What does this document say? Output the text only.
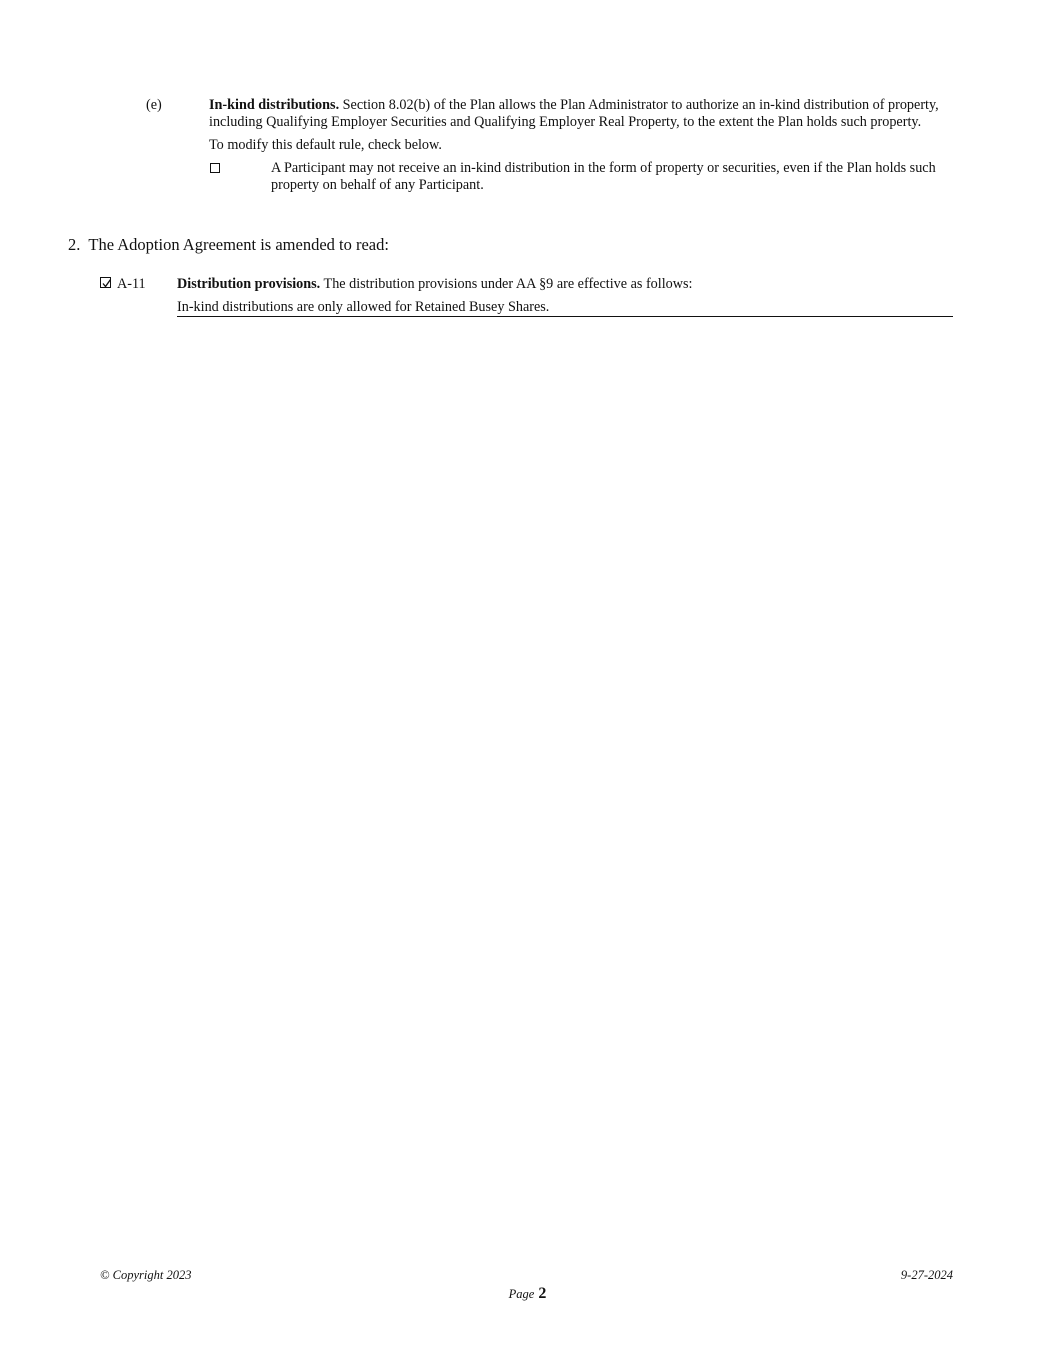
(e)	In-kind distributions. Section 8.02(b) of the Plan allows the Plan Administrator to authorize an in-kind distribution of property, including Qualifying Employer Securities and Qualifying Employer Real Property, to the extent the Plan holds such property.
To modify this default rule, check below.
A Participant may not receive an in-kind distribution in the form of property or securities, even if the Plan holds such property on behalf of any Participant.
2. The Adoption Agreement is amended to read:
A-11 Distribution provisions. The distribution provisions under AA §9 are effective as follows:
In-kind distributions are only allowed for Retained Busey Shares.
© Copyright 2023	9-27-2024
Page 2
